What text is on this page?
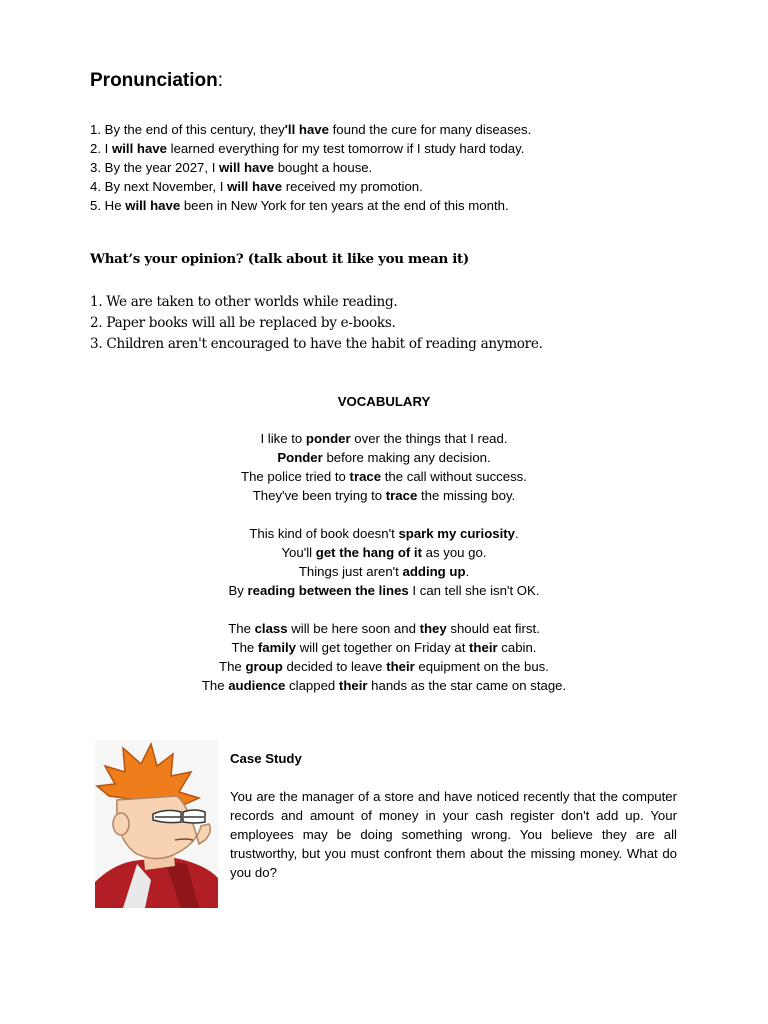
Pronunciation:
1. By the end of this century, they'll have found the cure for many diseases.
2. I will have learned everything for my test tomorrow if I study hard today.
3. By the year 2027, I will have bought a house.
4. By next November, I will have received my promotion.
5. He will have been in New York for ten years at the end of this month.
What’s your opinion? (talk about it like you mean it)
1. We are taken to other worlds while reading.
2. Paper books will all be replaced by e-books.
3. Children aren't encouraged to have the habit of reading anymore.
VOCABULARY
I like to ponder over the things that I read.
Ponder before making any decision.
The police tried to trace the call without success.
They've been trying to trace the missing boy.
This kind of book doesn't spark my curiosity.
You'll get the hang of it as you go.
Things just aren't adding up.
By reading between the lines I can tell she isn't OK.
The class will be here soon and they should eat first.
The family will get together on Friday at their cabin.
The group decided to leave their equipment on the bus.
The audience clapped their hands as the star came on stage.
Case Study
You are the manager of a store and have noticed recently that the computer records and amount of money in your cash register don't add up. Your employees may be doing something wrong. You believe they are all trustworthy, but you must confront them about the missing money. What do you do?
